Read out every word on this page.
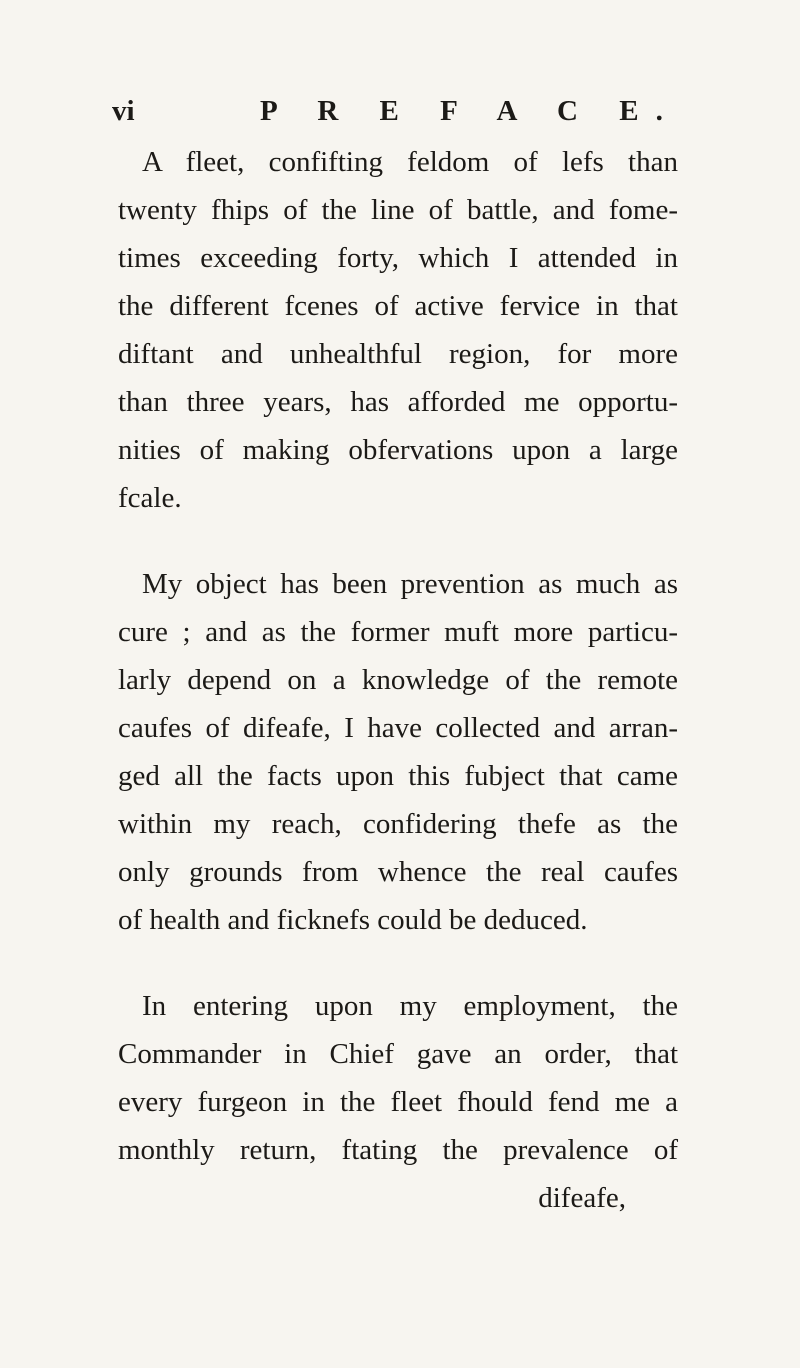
vi	P R E F A C E.
A fleet, confifting feldom of lefs than
twenty fhips of the line of battle, and fome-
times exceeding forty, which I attended in
the different fcenes of active fervice in that
diftant and unhealthful region, for more
than three years, has afforded me opportu-
nities of making obfervations upon a large
fcale.
My object has been prevention as much as
cure ; and as the former muft more particu-
larly depend on a knowledge of the remote
caufes of difeafe, I have collected and arran-
ged all the facts upon this fubject that came
within my reach, confidering thefe as the
only grounds from whence the real caufes
of health and ficknefs could be deduced.
In entering upon my employment, the
Commander in Chief gave an order, that
every furgeon in the fleet fhould fend me a
monthly return, ftating the prevalence of
difeafe,
